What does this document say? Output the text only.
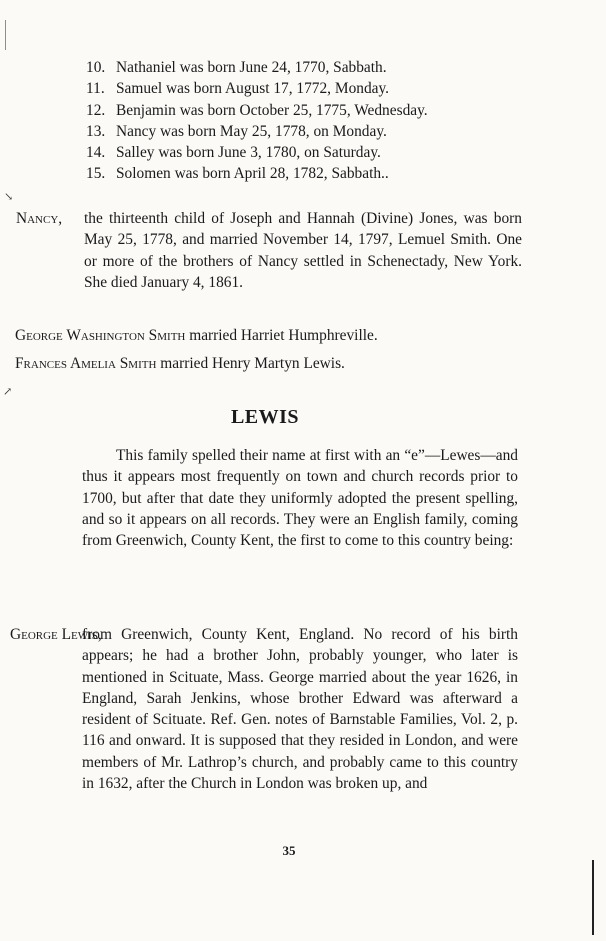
10. Nathaniel was born June 24, 1770, Sabbath.
11. Samuel was born August 17, 1772, Monday.
12. Benjamin was born October 25, 1775, Wednesday.
13. Nancy was born May 25, 1778, on Monday.
14. Salley was born June 3, 1780, on Saturday.
15. Solomen was born April 28, 1782, Sabbath..
Nancy, the thirteenth child of Joseph and Hannah (Divine) Jones, was born May 25, 1778, and married November 14, 1797, Lemuel Smith. One or more of the brothers of Nancy settled in Schenectady, New York. She died January 4, 1861.
George Washington Smith married Harriet Humphreville.
Frances Amelia Smith married Henry Martyn Lewis.
LEWIS
This family spelled their name at first with an “e”—Lewes—and thus it appears most frequently on town and church records prior to 1700, but after that date they uniformly adopted the present spelling, and so it appears on all records. They were an English family, coming from Greenwich, County Kent, the first to come to this country being:
George Lewis,
from Greenwich, County Kent, England. No record of his birth appears; he had a brother John, probably younger, who later is mentioned in Scituate, Mass. George married about the year 1626, in England, Sarah Jenkins, whose brother Edward was afterward a resident of Scituate. Ref. Gen. notes of Barnstable Families, Vol. 2, p. 116 and onward. It is supposed that they resided in London, and were members of Mr. Lathrop’s church, and probably came to this country in 1632, after the Church in London was broken up, and
35
↘
↗
